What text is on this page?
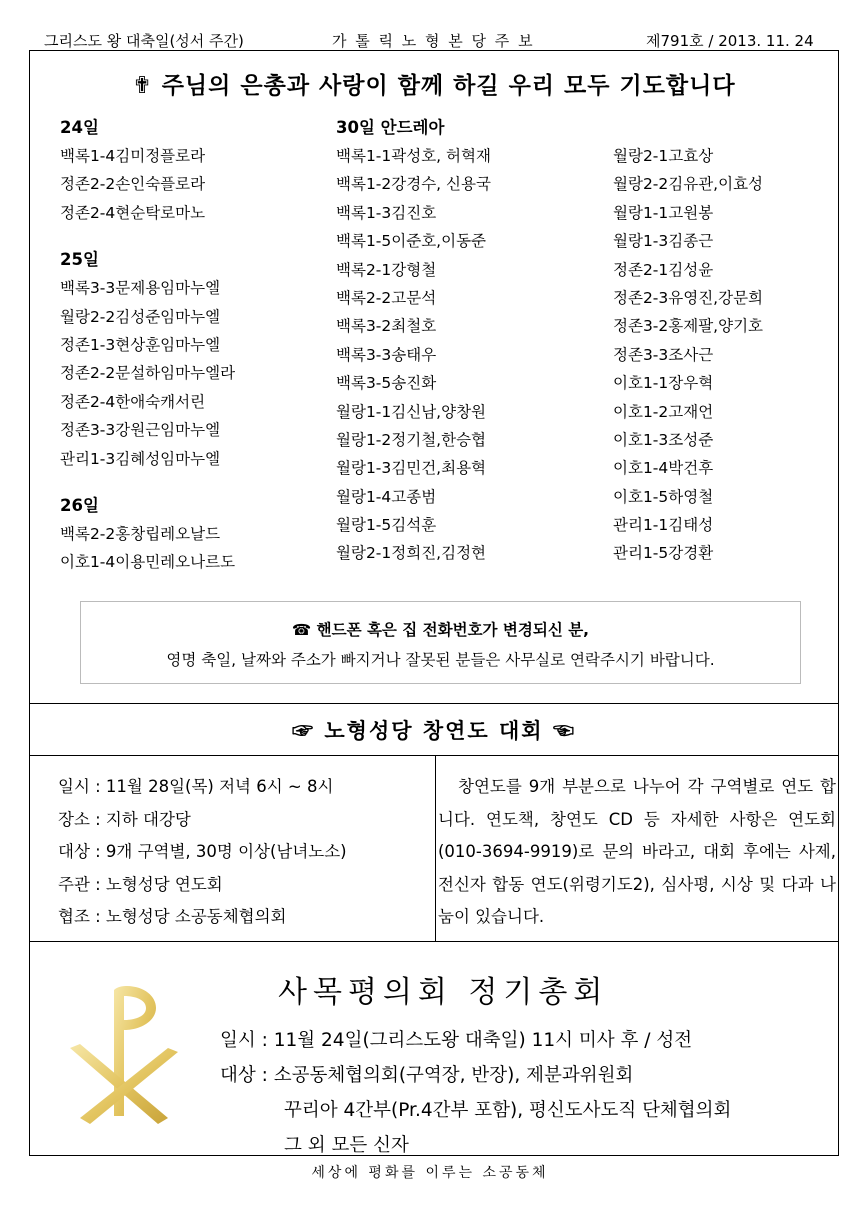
그리스도 왕 대축일(성서 주간)	가 톨 릭 노 형 본 당 주 보	제791호 / 2013. 11. 24
✟ 주님의 은총과 사랑이 함께 하길 우리 모두 기도합니다
24일
백록1-4김미정플로라
정존2-2손인숙플로라
정존2-4현순탁로마노
25일
백록3-3문제용임마누엘
월랑2-2김성준임마누엘
정존1-3현상훈임마누엘
정존2-2문설하임마누엘라
정존2-4한애숙캐서린
정존3-3강원근임마누엘
관리1-3김혜성임마누엘
26일
백록2-2홍창립레오날드
이호1-4이용민레오나르도
30일 안드레아
백록1-1곽성호, 허혁재
백록1-2강경수, 신용국
백록1-3김진호
백록1-5이준호,이동준
백록2-1강형철
백록2-2고문석
백록3-2최철호
백록3-3송태우
백록3-5송진화
월랑1-1김신남,양창원
월랑1-2정기철,한승협
월랑1-3김민건,최용혁
월랑1-4고종범
월랑1-5김석훈
월랑2-1정희진,김정현
월랑2-1고효상
월랑2-2김유관,이효성
월랑1-1고원봉
월랑1-3김종근
정존2-1김성윤
정존2-3유영진,강문희
정존3-2홍제팔,양기호
정존3-3조사근
이호1-1장우혁
이호1-2고재언
이호1-3조성준
이호1-4박건후
이호1-5하영철
관리1-1김태성
관리1-5강경환
☎ 핸드폰 혹은 집 전화번호가 변경되신 분,
영명 축일, 날짜와 주소가 빠지거나 잘못된 분들은 사무실로 연락주시기 바랍니다.
☞ 노형성당 창연도 대회 ☜
일시 : 11월 28일(목) 저녁 6시 ~ 8시
장소 : 지하 대강당
대상 : 9개 구역별, 30명 이상(남녀노소)
주관 : 노형성당 연도회
협조 : 노형성당 소공동체협의회
창연도를 9개 부분으로 나누어 각 구역별로 연도 합니다. 연도책, 창연도 CD 등 자세한 사항은 연도회(010-3694-9919)로 문의 바라고, 대회 후에는 사제, 전신자 합동 연도(위령기도2), 심사평, 시상 및 다과 나눔이 있습니다.
사목평의회 정기총회
일시 : 11월 24일(그리스도왕 대축일) 11시 미사 후 / 성전
대상 : 소공동체협의회(구역장, 반장), 제분과위원회
꾸리아 4간부(Pr.4간부 포함), 평신도사도직 단체협의회
그 외 모든 신자
세상에 평화를 이루는 소공동체
